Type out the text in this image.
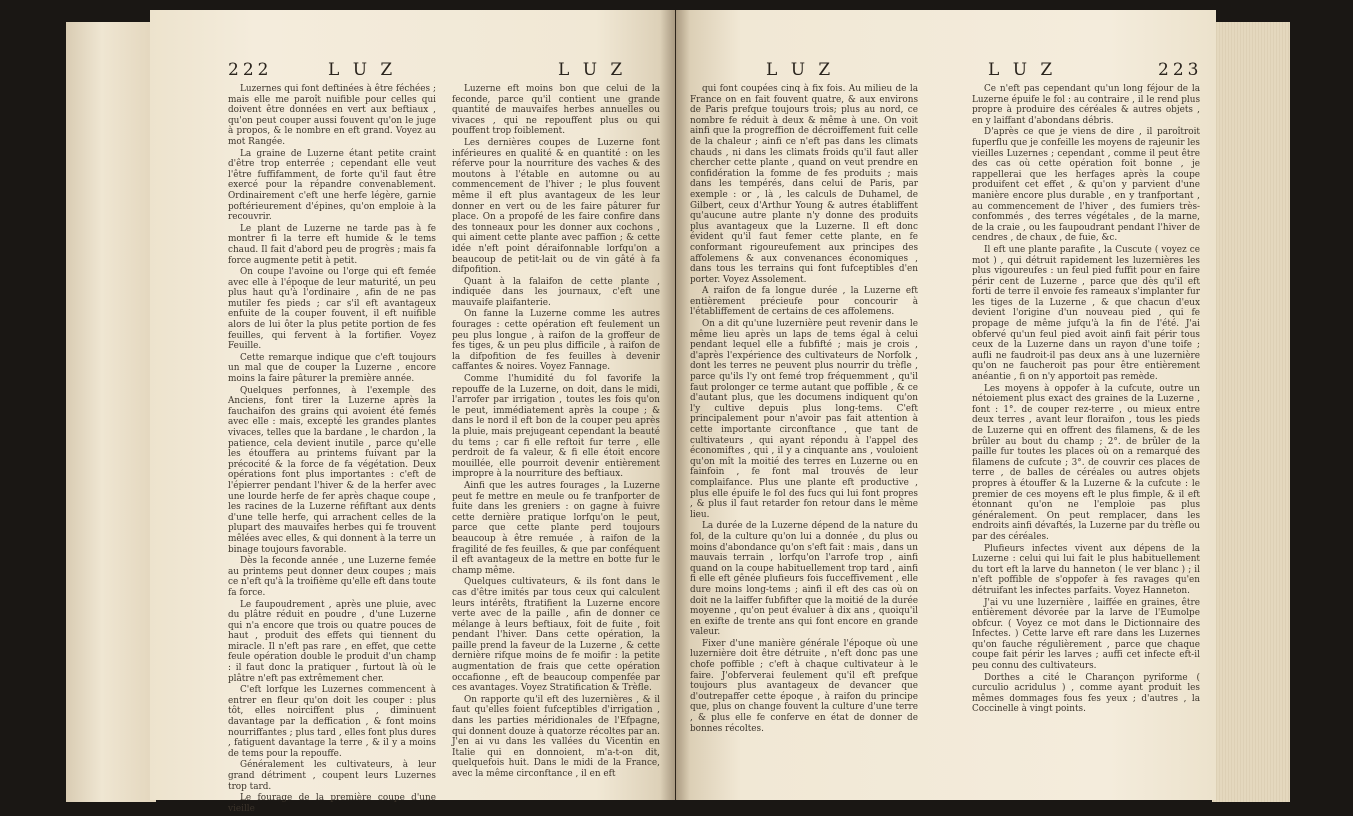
222	L U Z	L U Z

Luzernes qui font deftinées à être féchées ; mais elle me paroît nuifible pour celles qui doivent être données en vert aux beftiaux , qu'on peut couper aussi fouvent qu'on le juge à propos, & le nombre en eft grand. Voyez au mot Rangée.

La graine de Luzerne étant petite craint d'être trop enterrée ; cependant elle veut l'être fuffifamment, de forte qu'il faut être exercé pour la répandre convenablement. Ordinairement c'eft une herfe légère, garnie poftérieurement d'épines, qu'on emploie à la recouvrir.

Le plant de Luzerne ne tarde pas à fe montrer fi la terre eft humide & le tems chaud. Il fait d'abord peu de progrès ; mais fa force augmente petit à petit.

On coupe l'avoine ou l'orge qui eft femée avec elle à l'époque de leur maturité, un peu plus haut qu'à l'ordinaire , afin de ne pas mutiler fes pieds ; car s'il eft avantageux enfuite de la couper fouvent, il eft nuifible alors de lui ôter la plus petite portion de fes feuilles, qui fervent à la fortifier. Voyez Feuille.

Cette remarque indique que c'eft toujours un mal que de couper la Luzerne , encore moins la faire pâturer la première année.

Quelques perfonnes, à l'exemple des Anciens, font tirer la Luzerne après la fauchaifon des grains qui avoient été femés avec elle : mais, excepté les grandes plantes vivaces, telles que la bardane , le chardon , la patience, cela devient inutile , parce qu'elle les étouffera au printems fuivant par la précocité & la force de fa végétation. Deux opérations font plus importantes : c'eft de l'épierrer pendant l'hiver & de la herfer avec une lourde herfe de fer après chaque coupe , les racines de la Luzerne réfiftant aux dents d'une telle herfe, qui arrachent celles de la plupart des mauvaifes herbes qui fe trouvent mêlées avec elles, & qui donnent à la terre un binage toujours favorable.

Dès la feconde année , une Luzerne femée au printems peut donner deux coupes ; mais ce n'eft qu'à la troifième qu'elle eft dans toute fa force.

Le faupoudrement , après une pluie, avec du plâtre réduit en poudre , d'une Luzerne qui n'a encore que trois ou quatre pouces de haut , produit des effets qui tiennent du miracle. Il n'eft pas rare , en effet, que cette feule opération double le produit d'un champ : il faut donc la pratiquer , furtout là où le plâtre n'eft pas extrêmement cher.

C'eft lorfque les Luzernes commencent à entrer en fleur qu'on doit les couper : plus tôt, elles noirciffent plus , diminuent davantage par la deffication , & font moins nourriffantes ; plus tard , elles font plus dures , fatiguent davantage la terre , & il y a moins de tems pour la repouffe.

Généralement les cultivateurs, à leur grand détriment , coupent leurs Luzernes trop tard.

Le fourage de la première coupe d'une vieille

Luzerne eft moins bon que celui de la feconde, parce qu'il contient une grande quantité de mauvaifes herbes annuelles ou vivaces , qui ne repouffent plus ou qui pouffent trop foiblement.

Les dernières coupes de Luzerne font inférieures en qualité & en quantité : on les réferve pour la nourriture des vaches & des moutons à l'étable en automne ou au commencement de l'hiver ; le plus fouvent même il eft plus avantageux de les leur donner en vert ou de les faire pâturer fur place. On a propofé de les faire confire dans des tonneaux pour les donner aux cochons , qui aiment cette plante avec paffion ; & cette idée n'eft point déraifonnable lorfqu'on a beaucoup de petit-lait ou de vin gâté à fa difpofition.

Quant à la falaifon de cette plante , indiquée dans les journaux, c'eft une mauvaife plaifanterie.

On fanne la Luzerne comme les autres fourages : cette opération eft feulement un peu plus longue , à raifon de la groffeur de fes tiges, & un peu plus difficile , à raifon de la difpofition de fes feuilles à devenir caffantes & noires. Voyez Fannage.

Comme l'humidité du fol favorife la repouffe de la Luzerne, on doit, dans le midi, l'arrofer par irrigation , toutes les fois qu'on le peut, immédiatement après la coupe ; & dans le nord il eft bon de la couper peu après la pluie, mais prejugeant cependant la beauté du tems ; car fi elle reftoit fur terre , elle perdroit de fa valeur, & fi elle étoit encore mouillée, elle pourroit devenir entièrement impropre à la nourriture des beftiaux.

Ainfi que les autres fourages , la Luzerne peut fe mettre en meule ou fe tranfporter de fuite dans les greniers : on gagne à fuivre cette dernière pratique lorfqu'on le peut, parce que cette plante perd toujours beaucoup à être remuée , à raifon de la fragilité de fes feuilles, & que par conféquent il eft avantageux de la mettre en botte fur le champ même.

Quelques cultivateurs, & ils font dans le cas d'être imités par tous ceux qui calculent leurs intérêts, ftratifient la Luzerne encore verte avec de la paille , afin de donner ce mélange à leurs beftiaux, foit de fuite , foit pendant l'hiver. Dans cette opération, la paille prend la faveur de la Luzerne , & cette dernière rifque moins de fe moifir : la petite augmentation de frais que cette opération occafionne , eft de beaucoup compenfée par ces avantages. Voyez Stratification & Trèfle.

On rapporte qu'il eft des luzernières , & il faut qu'elles foient fufceptibles d'irrigation , dans les parties méridionales de l'Efpagne, qui donnent douze à quatorze récoltes par an. J'en ai vu dans les vallées du Vicentin en Italie qui en donnoient, m'a-t-on dit, quelquefois huit. Dans le midi de la France, avec la même circonftance , il en eft

L U Z	L U Z	223

qui font coupées cinq à fix fois. Au milieu de la France on en fait fouvent quatre, & aux environs de Paris prefque toujours trois; plus au nord, ce nombre fe réduit à deux & même à une. On voit ainfi que la progreffion de décroiffement fuit celle de la chaleur ; ainfi ce n'eft pas dans les climats chauds , ni dans les climats froids qu'il faut aller chercher cette plante , quand on veut prendre en confidération la fomme de fes produits ; mais dans les tempérés, dans celui de Paris, par exemple : or , là , les calculs de Duhamel, de Gilbert, ceux d'Arthur Young & autres établiffent qu'aucune autre plante n'y donne des produits plus avantageux que la Luzerne. Il eft donc évident qu'il faut femer cette plante, en fe conformant rigoureufement aux principes des affolemens & aux convenances économiques , dans tous les terrains qui font fufceptibles d'en porter. Voyez Assolement.

A raifon de fa longue durée , la Luzerne eft entièrement précieufe pour concourir à l'établiffement de certains de ces affolemens.

On a dit qu'une luzernière peut revenir dans le même lieu après un laps de tems égal à celui pendant lequel elle a fubfifté ; mais je crois , d'après l'expérience des cultivateurs de Norfolk , dont les terres ne peuvent plus nourrir du trèfle , parce qu'ils l'y ont femé trop fréquemment , qu'il faut prolonger ce terme autant que poffible , & ce d'autant plus, que les documens indiquent qu'on l'y cultive depuis plus long-tems. C'eft principalement pour n'avoir pas fait attention à cette importante circonftance , que tant de cultivateurs , qui ayant répondu à l'appel des économiftes , qui , il y a cinquante ans , vouloient qu'on mît la moitié des terres en Luzerne ou en fainfoin , fe font mal trouvés de leur complaifance. Plus une plante eft productive , plus elle épuife le fol des fucs qui lui font propres , & plus il faut retarder fon retour dans le même lieu.

La durée de la Luzerne dépend de la nature du fol, de la culture qu'on lui a donnée , du plus ou moins d'abondance qu'on s'eft fait : mais , dans un mauvais terrain , lorfqu'on l'arrofe trop , ainfi quand on la coupe habituellement trop tard , ainfi fi elle eft gênée plufieurs fois fucceffivement , elle dure moins long-tems ; ainfi il eft des cas où on doit ne la laiffer fubfifter que la moitié de la durée moyenne , qu'on peut évaluer à dix ans , quoiqu'il en exifte de trente ans qui font encore en grande valeur.

Fixer d'une manière générale l'époque où une luzernière doit être détruite , n'eft donc pas une chofe poffible ; c'eft à chaque cultivateur à le faire. J'obferverai feulement qu'il eft prefque toujours plus avantageux de devancer que d'outrepaffer cette époque , à raifon du principe que, plus on change fouvent la culture d'une terre , & plus elle fe conferve en état de donner de bonnes récoltes.

Ce n'eft pas cependant qu'un long féjour de la Luzerne épuife le fol : au contraire , il le rend plus propre à produire des céréales & autres objets , en y laiffant d'abondans débris.

D'après ce que je viens de dire , il paroîtroit fuperflu que je confeille les moyens de rajeunir les vieilles Luzernes ; cependant , comme il peut être des cas où cette opération foit bonne , je rappellerai que les herfages après la coupe produifent cet effet , & qu'on y parvient d'une manière encore plus durable , en y tranfportant , au commencement de l'hiver , des fumiers très-confommés , des terres végétales , de la marne, de la craie , ou les faupoudrant pendant l'hiver de cendres , de chaux , de fuie, &c.

Il eft une plante parafite , la Cuscute ( voyez ce mot ) , qui détruit rapidement les luzernières les plus vigoureufes : un feul pied fuffit pour en faire périr cent de Luzerne , parce que dès qu'il eft forti de terre il envoie fes rameaux s'implanter fur les tiges de la Luzerne , & que chacun d'eux devient l'origine d'un nouveau pied , qui fe propage de même jufqu'à la fin de l'été. J'ai obfervé qu'un feul pied avoit ainfi fait périr tous ceux de la Luzerne dans un rayon d'une toife ; aufli ne faudroit-il pas deux ans à une luzernière qu'on ne faucheroit pas pour être entièrement anéantie , fi on n'y apportoit pas remède.

Les moyens à oppofer à la cufcute, outre un nétoiement plus exact des graines de la Luzerne , font : 1°. de couper rez-terre , ou mieux entre deux terres , avant leur floraifon , tous les pieds de Luzerne qui en offrent des filamens, & de les brûler au bout du champ ; 2°. de brûler de la paille fur toutes les places où on a remarqué des filamens de cufcute ; 3°. de couvrir ces places de terre , de balles de céréales ou autres objets propres à étouffer & la Luzerne & la cufcute : le premier de ces moyens eft le plus fimple, & il eft étonnant qu'on ne l'emploie pas plus généralement. On peut remplacer, dans les endroits ainfi dévaftés, la Luzerne par du trèfle ou par des céréales.

Plufieurs infectes vivent aux dépens de la Luzerne : celui qui lui fait le plus habituellement du tort eft la larve du hanneton ( le ver blanc ) ; il n'eft poffible de s'oppofer à fes ravages qu'en détruifant les infectes parfaits. Voyez Hanneton.

J'ai vu une luzernière , laiffée en graines, être entièrement dévorée par la larve de l'Eumolpe obfcur. ( Voyez ce mot dans le Dictionnaire des Infectes. ) Cette larve eft rare dans les Luzernes qu'on fauche régulièrement , parce que chaque coupe fait périr les larves ; auffi cet infecte eft-il peu connu des cultivateurs.

Dorthes a cité le Charançon pyriforme ( curculio acridulus ) , comme ayant produit les mêmes dommages fous fes yeux ; d'autres , la Coccinelle à vingt points.
